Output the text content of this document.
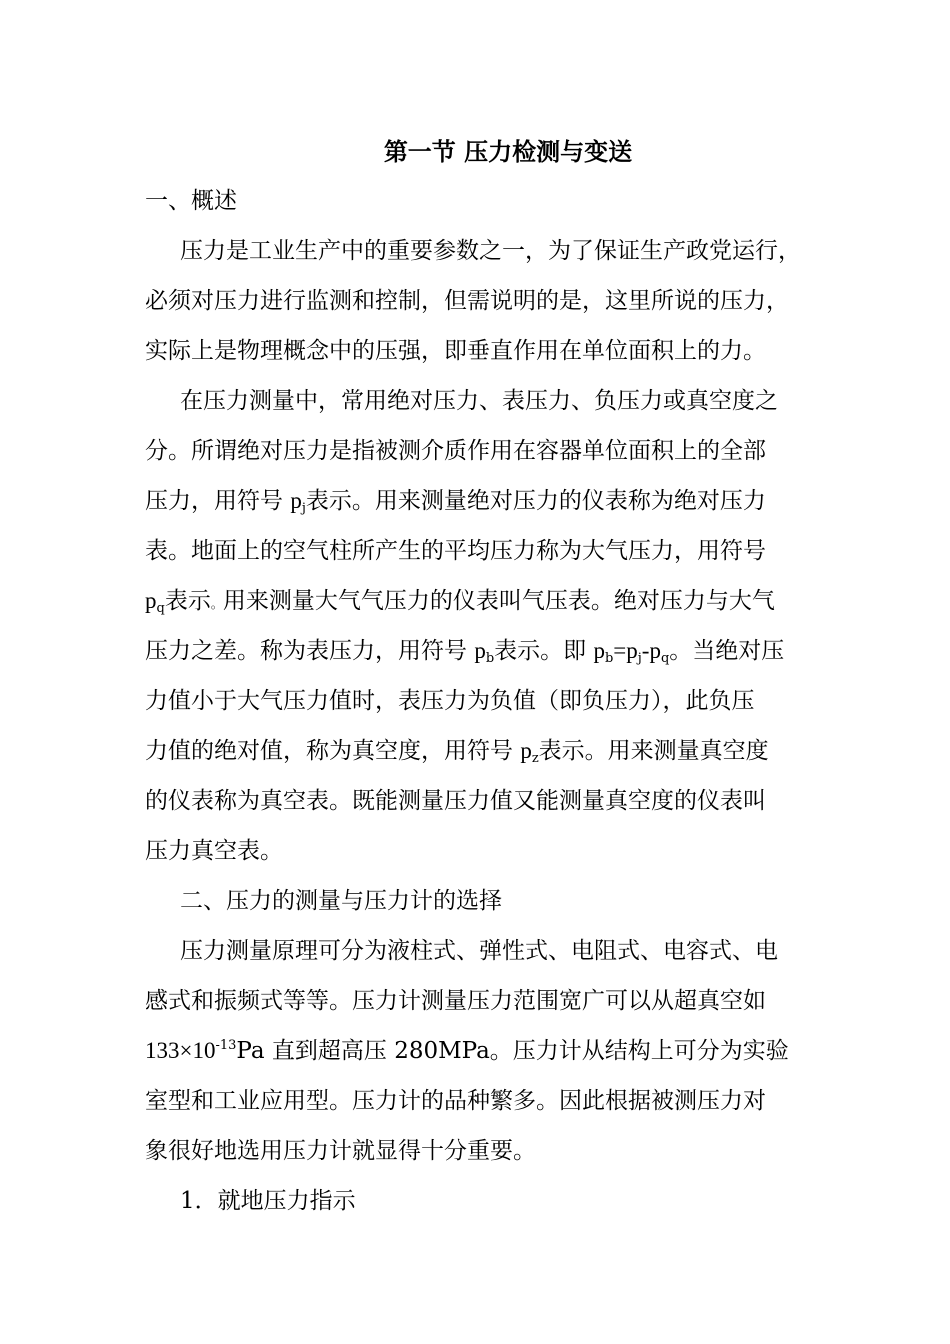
第一节 压力检测与变送
一、概述
压力是工业生产中的重要参数之一，为了保证生产政党运行，
必须对压力进行监测和控制，但需说明的是，这里所说的压力，
实际上是物理概念中的压强，即垂直作用在单位面积上的力。
在压力测量中，常用绝对压力、表压力、负压力或真空度之
分。所谓绝对压力是指被测介质作用在容器单位面积上的全部
压力，用符号 $p_j$表示。用来测量绝对压力的仪表称为绝对压力
表。地面上的空气柱所产生的平均压力称为大气压力，用符号
$p_q$表示。用来测量大气气压力的仪表叫气压表。绝对压力与大气
压力之差。称为表压力，用符号 $p_b$表示。即 $p_b=p_j-p_q$。当绝对压
力值小于大气压力值时，表压力为负值（即负压力），此负压
力值的绝对值，称为真空度，用符号 $p_z$表示。用来测量真空度
的仪表称为真空表。既能测量压力值又能测量真空度的仪表叫
压力真空表。
二、压力的测量与压力计的选择
压力测量原理可分为液柱式、弹性式、电阻式、电容式、电
感式和振频式等等。压力计测量压力范围宽广可以从超真空如
$133\times 10^{-13}Pa$ 直到超高压 280MPa。压力计从结构上可分为实验
室型和工业应用型。压力计的品种繁多。因此根据被测压力对
象很好地选用压力计就显得十分重要。
1．就地压力指示
